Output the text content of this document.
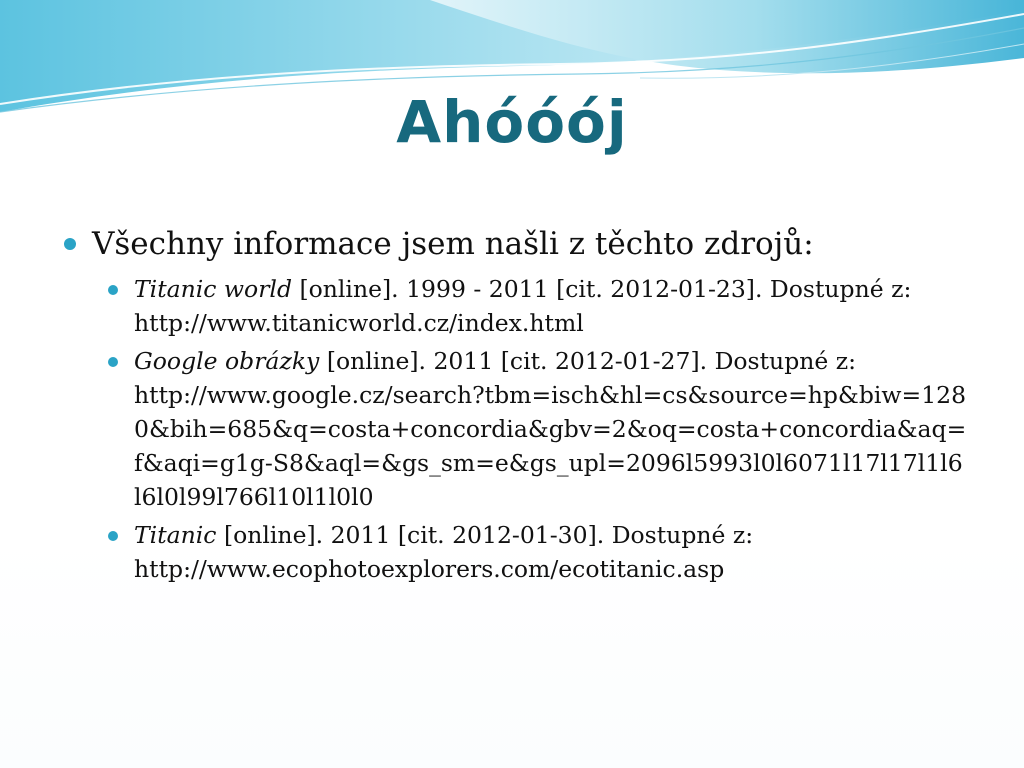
Ahóóój
Všechny informace jsem našli z těchto zdrojů:
Titanic world [online]. 1999 - 2011 [cit. 2012-01-23]. Dostupné z:
http://www.titanicworld.cz/index.html
Google obrázky [online]. 2011 [cit. 2012-01-27]. Dostupné z:
http://www.google.cz/search?tbm=isch&hl=cs&source=hp&biw=1280&bih=685&q=costa+concordia&gbv=2&oq=costa+concordia&aq=f&aqi=g1g-S8&aql=&gs_sm=e&gs_upl=2096l5993l0l6071l17l17l1l6l6l0l99l766l10l1l0l0
Titanic [online]. 2011 [cit. 2012-01-30]. Dostupné z:
http://www.ecophotoexplorers.com/ecotitanic.asp
